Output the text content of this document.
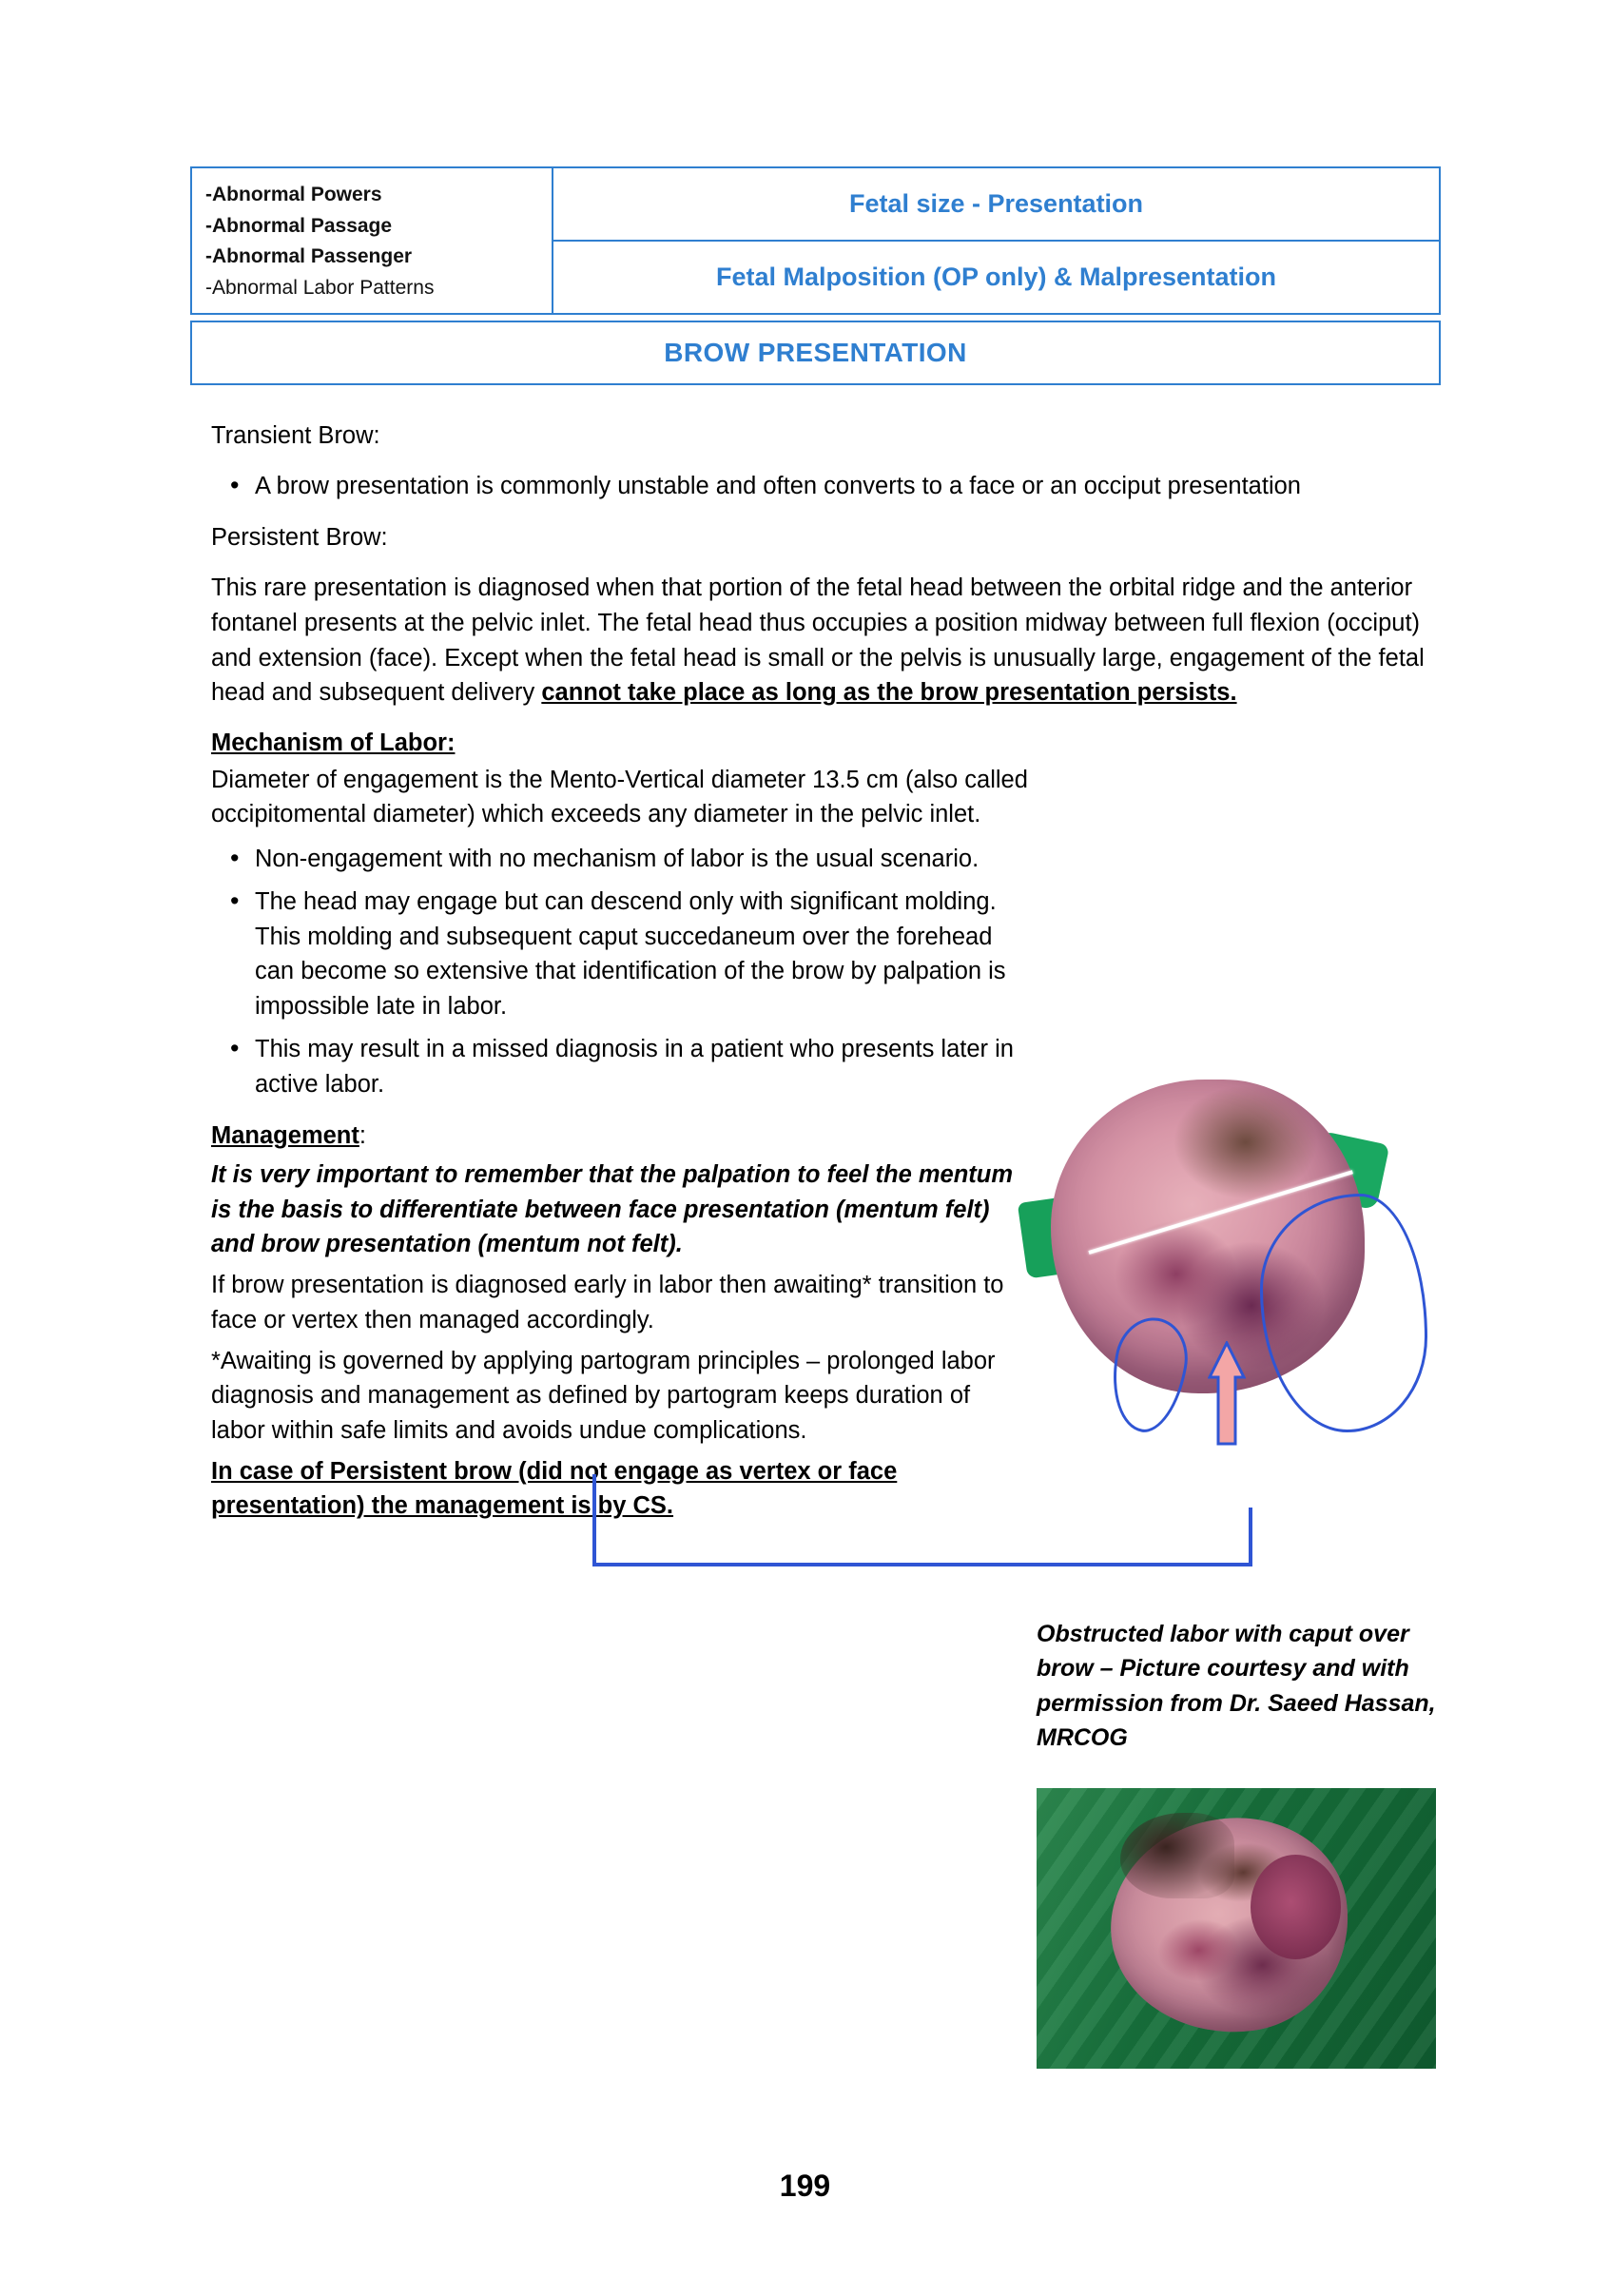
-Abnormal Powers
-Abnormal Passage
-Abnormal Passenger
-Abnormal Labor Patterns
Fetal size - Presentation
Fetal Malposition (OP only) & Malpresentation
BROW PRESENTATION

Transient Brow:

• A brow presentation is commonly unstable and often converts to a face or an occiput presentation

Persistent Brow:

This rare presentation is diagnosed when that portion of the fetal head between the orbital ridge and the anterior fontanel presents at the pelvic inlet. The fetal head thus occupies a position midway between full flexion (occiput) and extension (face). Except when the fetal head is small or the pelvis is unusually large, engagement of the fetal head and subsequent delivery cannot take place as long as the brow presentation persists.

Mechanism of Labor:

Diameter of engagement is the Mento-Vertical diameter 13.5 cm (also called occipitomental diameter) which exceeds any diameter in the pelvic inlet.

• Non-engagement with no mechanism of labor is the usual scenario.
• The head may engage but can descend only with significant molding. This molding and subsequent caput succedaneum over the forehead can become so extensive that identification of the brow by palpation is impossible late in labor.
• This may result in a missed diagnosis in a patient who presents later in active labor.

Management:

It is very important to remember that the palpation to feel the mentum is the basis to differentiate between face presentation (mentum felt) and brow presentation (mentum not felt).

If brow presentation is diagnosed early in labor then awaiting* transition to face or vertex then managed accordingly.

*Awaiting is governed by applying partogram principles – prolonged labor diagnosis and management as defined by partogram keeps duration of labor within safe limits and avoids undue complications.

In case of Persistent brow (did not engage as vertex or face presentation) the management is by CS.

Obstructed labor with caput over brow – Picture courtesy and with permission from Dr. Saeed Hassan, MRCOG
199
